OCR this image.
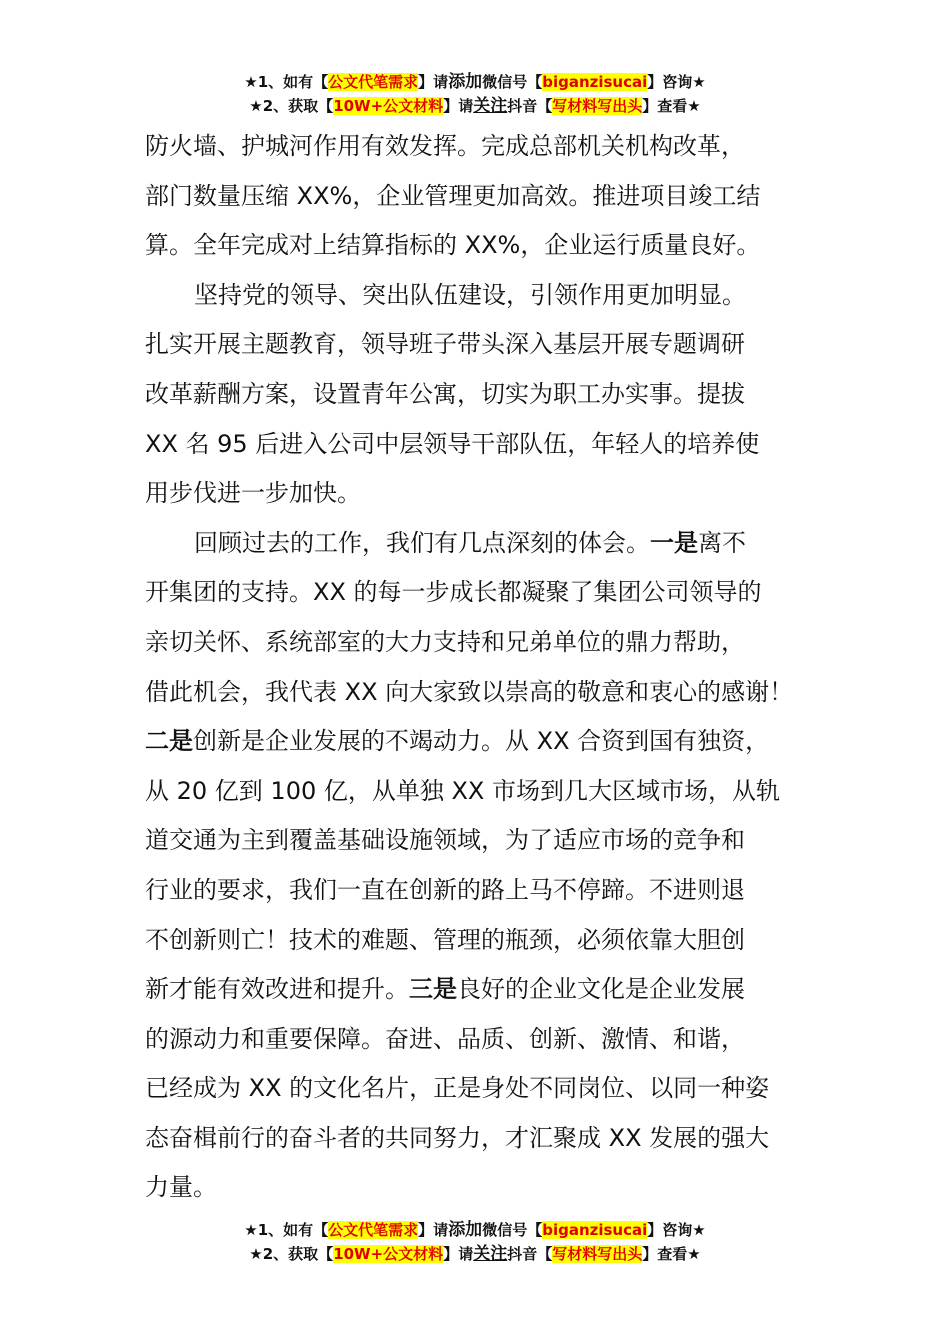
★1、如有【公文代笔需求】请添加微信号【biganzisucai】咨询★
★2、获取【10W+公文材料】请关注抖音【写材料写出头】查看★

防火墙、护城河作用有效发挥。完成总部机关机构改革，

部门数量压缩 XX%，企业管理更加高效。推进项目竣工结

算。全年完成对上结算指标的 XX%，企业运行质量良好。

坚持党的领导、突出队伍建设，引领作用更加明显。

扎实开展主题教育，领导班子带头深入基层开展专题调研

改革薪酬方案，设置青年公寓，切实为职工办实事。提拔

XX 名 95 后进入公司中层领导干部队伍，年轻人的培养使

用步伐进一步加快。

回顾过去的工作，我们有几点深刻的体会。一是离不

开集团的支持。XX 的每一步成长都凝聚了集团公司领导的

亲切关怀、系统部室的大力支持和兄弟单位的鼎力帮助，

借此机会，我代表 XX 向大家致以崇高的敬意和衷心的感谢！

二是创新是企业发展的不竭动力。从 XX 合资到国有独资，

从 20 亿到 100 亿，从单独 XX 市场到几大区域市场，从轨

道交通为主到覆盖基础设施领域，为了适应市场的竞争和

行业的要求，我们一直在创新的路上马不停蹄。不进则退

不创新则亡！技术的难题、管理的瓶颈，必须依靠大胆创

新才能有效改进和提升。三是良好的企业文化是企业发展

的源动力和重要保障。奋进、品质、创新、激情、和谐，

已经成为 XX 的文化名片，正是身处不同岗位、以同一种姿

态奋楫前行的奋斗者的共同努力，才汇聚成 XX 发展的强大

力量。

★1、如有【公文代笔需求】请添加微信号【biganzisucai】咨询★
★2、获取【10W+公文材料】请关注抖音【写材料写出头】查看★
